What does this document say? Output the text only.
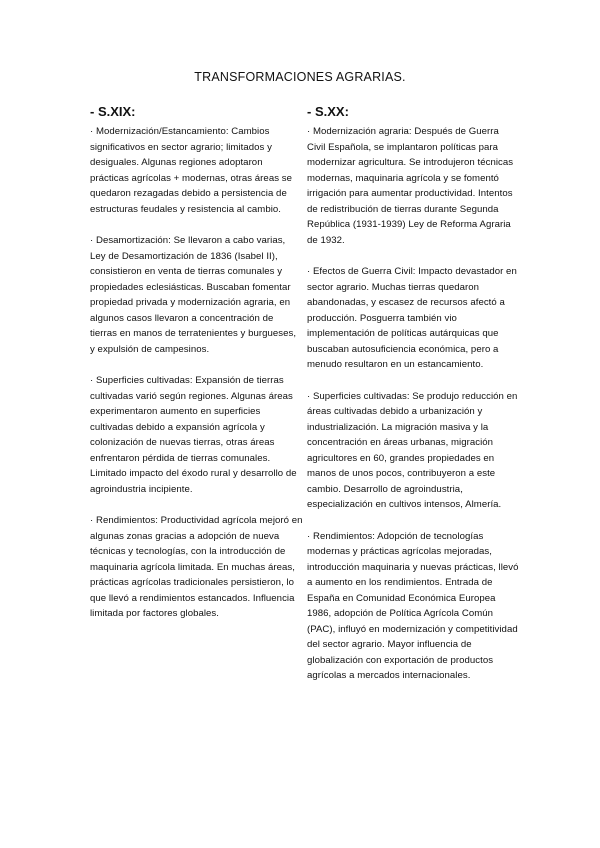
TRANSFORMACIONES AGRARIAS.
- S.XIX:

· Modernización/Estancamiento: Cambios significativos en sector agrario; limitados y desiguales. Algunas regiones adoptaron prácticas agrícolas + modernas, otras áreas se quedaron rezagadas debido a persistencia de estructuras feudales y resistencia al cambio.

· Desamortización: Se llevaron a cabo varias, Ley de Desamortización de 1836 (Isabel II), consistieron en venta de tierras comunales y propiedades eclesiásticas. Buscaban fomentar propiedad privada y modernización agraria, en algunos casos llevaron a concentración de tierras en manos de terratenientes y burgueses, y expulsión de campesinos.

· Superficies cultivadas: Expansión de tierras cultivadas varió según regiones. Algunas áreas experimentaron aumento en superficies cultivadas debido a expansión agrícola y colonización de nuevas tierras, otras áreas enfrentaron pérdida de tierras comunales. Limitado impacto del éxodo rural y desarrollo de agroindustria incipiente.

· Rendimientos: Productividad agrícola mejoró en algunas zonas gracias a adopción de nueva técnicas y tecnologías, con la introducción de maquinaria agrícola limitada. En muchas áreas, prácticas agrícolas tradicionales persistieron, lo que llevó a rendimientos estancados. Influencia limitada por factores globales.

- S.XX:

· Modernización agraria: Después de Guerra Civil Española, se implantaron políticas para modernizar agricultura. Se introdujeron técnicas modernas, maquinaria agrícola y se fomentó irrigación para aumentar productividad. Intentos de redistribución de tierras durante Segunda República (1931-1939) Ley de Reforma Agraria de 1932.

· Efectos de Guerra Civil: Impacto devastador en sector agrario. Muchas tierras quedaron abandonadas, y escasez de recursos afectó a producción. Posguerra también vio implementación de políticas autárquicas que buscaban autosuficiencia económica, pero a menudo resultaron en un estancamiento.

· Superficies cultivadas: Se produjo reducción en áreas cultivadas debido a urbanización y industrialización. La migración masiva y la concentración en áreas urbanas, migración agricultores en 60, grandes propiedades en manos de unos pocos, contribuyeron a este cambio. Desarrollo de agroindustria, especialización en cultivos intensos, Almería.

· Rendimientos: Adopción de tecnologías modernas y prácticas agrícolas mejoradas, introducción maquinaria y nuevas prácticas, llevó a aumento en los rendimientos. Entrada de España en Comunidad Económica Europea 1986, adopción de Política Agrícola Común (PAC), influyó en modernización y competitividad del sector agrario. Mayor influencia de globalización con exportación de productos agrícolas a mercados internacionales.
